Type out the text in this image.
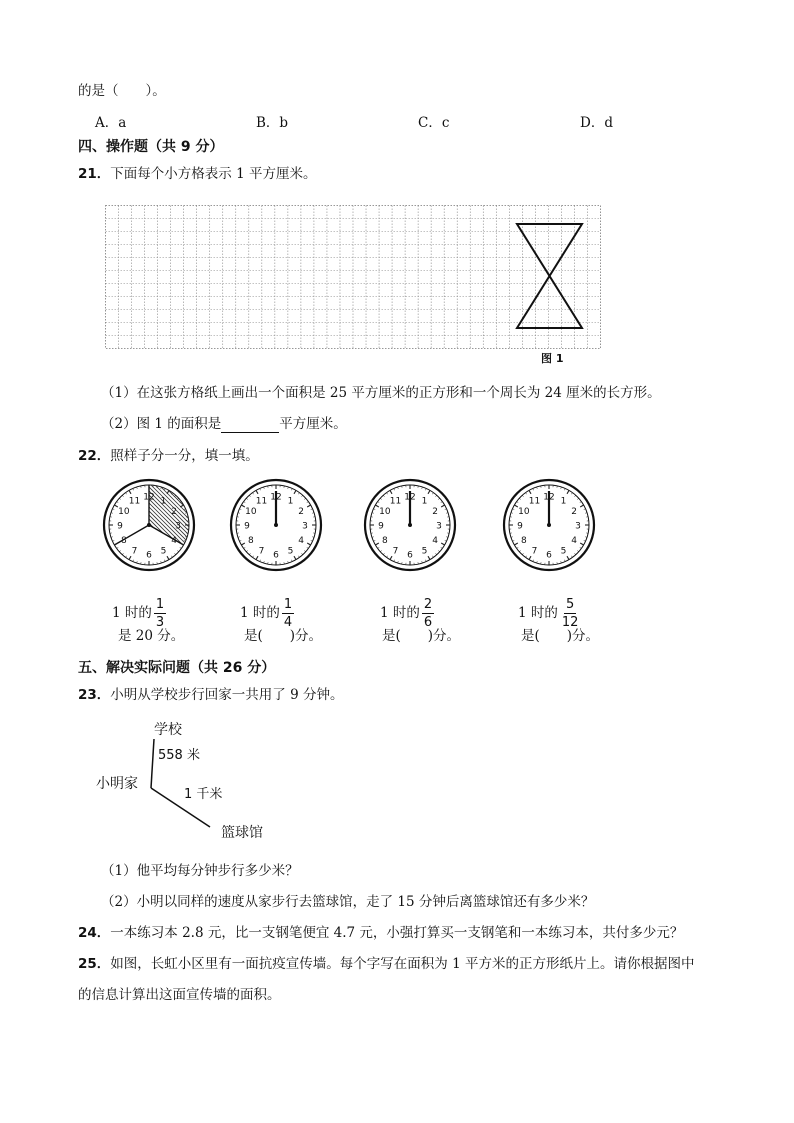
的是（　　）。
A．a	B．b	C．c	D．d
四、操作题（共 9 分）
21．下面每个小方格表示 1 平方厘米。
图 1
（1）在这张方格纸上画出一个面积是 25 平方厘米的正方形和一个周长为 24 厘米的长方形。
（2）图 1 的面积是	平方厘米。
22．照样子分一分，填一填。
12 1
2
3
4
5
6
7
8
9
10
11	12 1
2
3
4
5
6
7
8
9
10
11	12 1
2
3
4
5
6
7
8
9
10
11	12 1
2
3
4
5
6
7
8
9
10
11
1 时的 $\frac{1}{3}$
是 20 分。
1 时的 $\frac{1}{4}$
是(　　)分。
1 时的 $\frac{2}{6}$
是(　　)分。
1 时的 $\frac{5}{12}$
是(　　)分。
五、解决实际问题（共 26 分）
23．小明从学校步行回家一共用了 9 分钟。
学校
558 米
小明家
1 千米
篮球馆
（1）他平均每分钟步行多少米？
（2）小明以同样的速度从家步行去篮球馆，走了 15 分钟后离篮球馆还有多少米？
24．一本练习本 2.8 元，比一支钢笔便宜 4.7 元，小强打算买一支钢笔和一本练习本，共付多少元？
25．如图，长虹小区里有一面抗疫宣传墙。每个字写在面积为 1 平方米的正方形纸片上。请你根据图中
的信息计算出这面宣传墙的面积。
